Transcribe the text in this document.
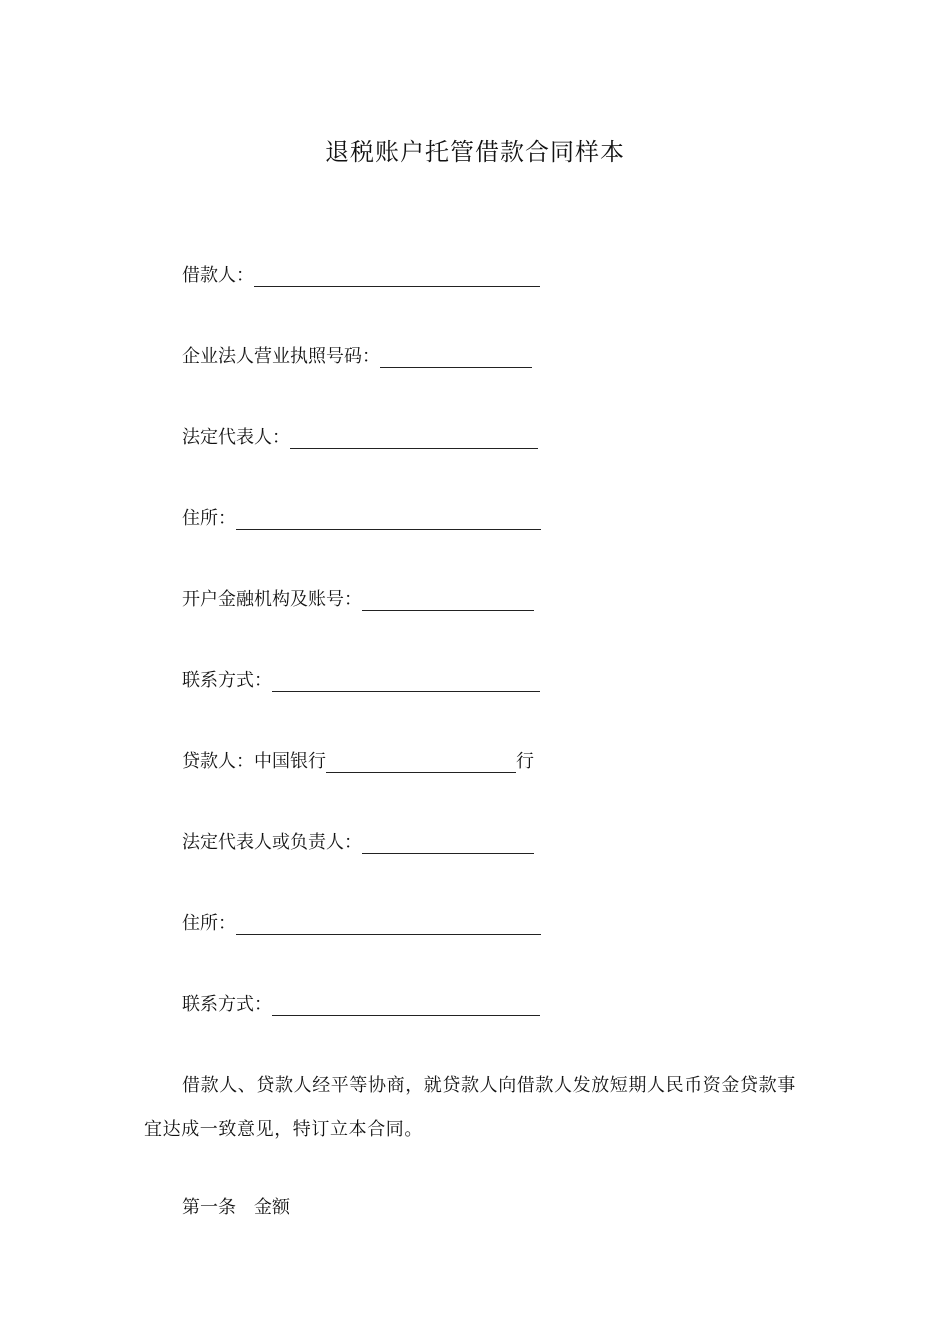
退税账户托管借款合同样本
借款人：
企业法人营业执照号码：
法定代表人：
住所：
开户金融机构及账号：
联系方式：
贷款人：中国银行	行
法定代表人或负责人：
住所：
联系方式：
借款人、贷款人经平等协商，就贷款人向借款人发放短期人民币资金贷款事宜达成一致意见，特订立本合同。
第一条　金额
